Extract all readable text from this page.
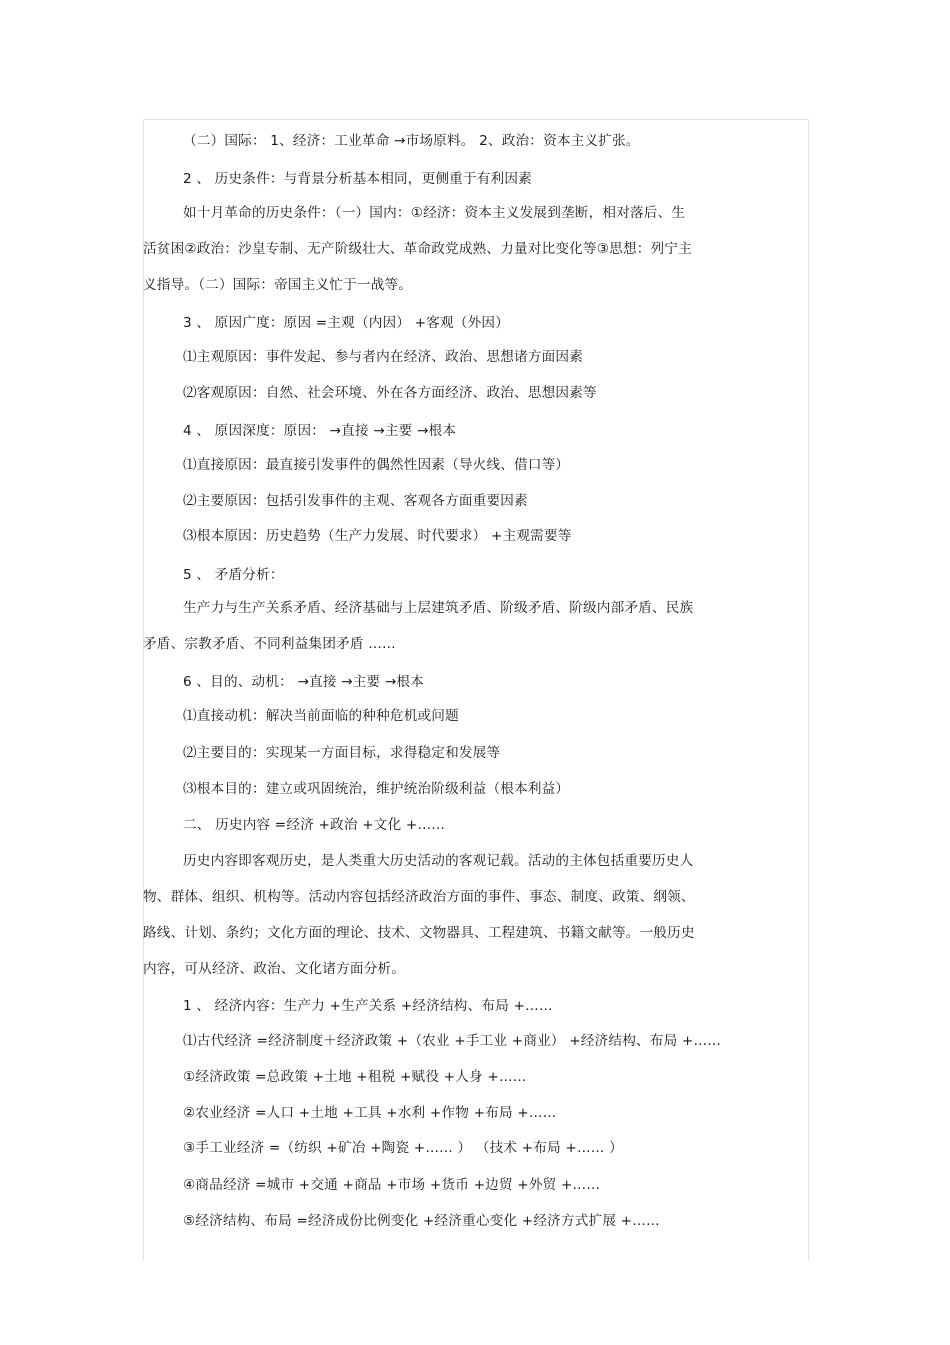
（二）国际： 1、经济：工业革命 →市场原料。 2、政治：资本主义扩张。
2 、 历史条件：与背景分析基本相同，更侧重于有利因素
如十月革命的历史条件：（一）国内：①经济：资本主义发展到垄断，相对落后、生
活贫困②政治：沙皇专制、无产阶级壮大、革命政党成熟、力量对比变化等③思想：列宁主
义指导。（二）国际：帝国主义忙于一战等。
3 、 原因广度：原因 =主观（内因） +客观（外因）
⑴主观原因：事件发起、参与者内在经济、政治、思想诸方面因素
⑵客观原因：自然、社会环境、外在各方面经济、政治、思想因素等
4 、 原因深度：原因： →直接 →主要 →根本
⑴直接原因：最直接引发事件的偶然性因素（导火线、借口等）
⑵主要原因：包括引发事件的主观、客观各方面重要因素
⑶根本原因：历史趋势（生产力发展、时代要求） +主观需要等
5 、 矛盾分析：
生产力与生产关系矛盾、经济基础与上层建筑矛盾、阶级矛盾、阶级内部矛盾、民族
矛盾、宗教矛盾、不同利益集团矛盾 ……
6 、目的、动机： →直接 →主要 →根本
⑴直接动机：解决当前面临的种种危机或问题
⑵主要目的：实现某一方面目标，求得稳定和发展等
⑶根本目的：建立或巩固统治，维护统治阶级利益（根本利益）
二、 历史内容 =经济 +政治 +文化 +……
历史内容即客观历史，是人类重大历史活动的客观记载。活动的主体包括重要历史人
物、群体、组织、机构等。活动内容包括经济政治方面的事件、事态、制度、政策、纲领、
路线、计划、条约；文化方面的理论、技术、文物器具、工程建筑、书籍文献等。一般历史
内容，可从经济、政治、文化诸方面分析。
1 、 经济内容：生产力 +生产关系 +经济结构、布局 +……
⑴古代经济 =经济制度＋经济政策 +（农业 +手工业 +商业） +经济结构、布局 +……
①经济政策 =总政策 +土地 +租税 +赋役 +人身 +……
②农业经济 =人口 +土地 +工具 +水利 +作物 +布局 +……
③手工业经济 =（纺织 +矿冶 +陶瓷 +…… ） （技术 +布局 +…… ）
④商品经济 =城市 +交通 +商品 +市场 +货币 +边贸 +外贸 +……
⑤经济结构、布局 =经济成份比例变化 +经济重心变化 +经济方式扩展 +……
